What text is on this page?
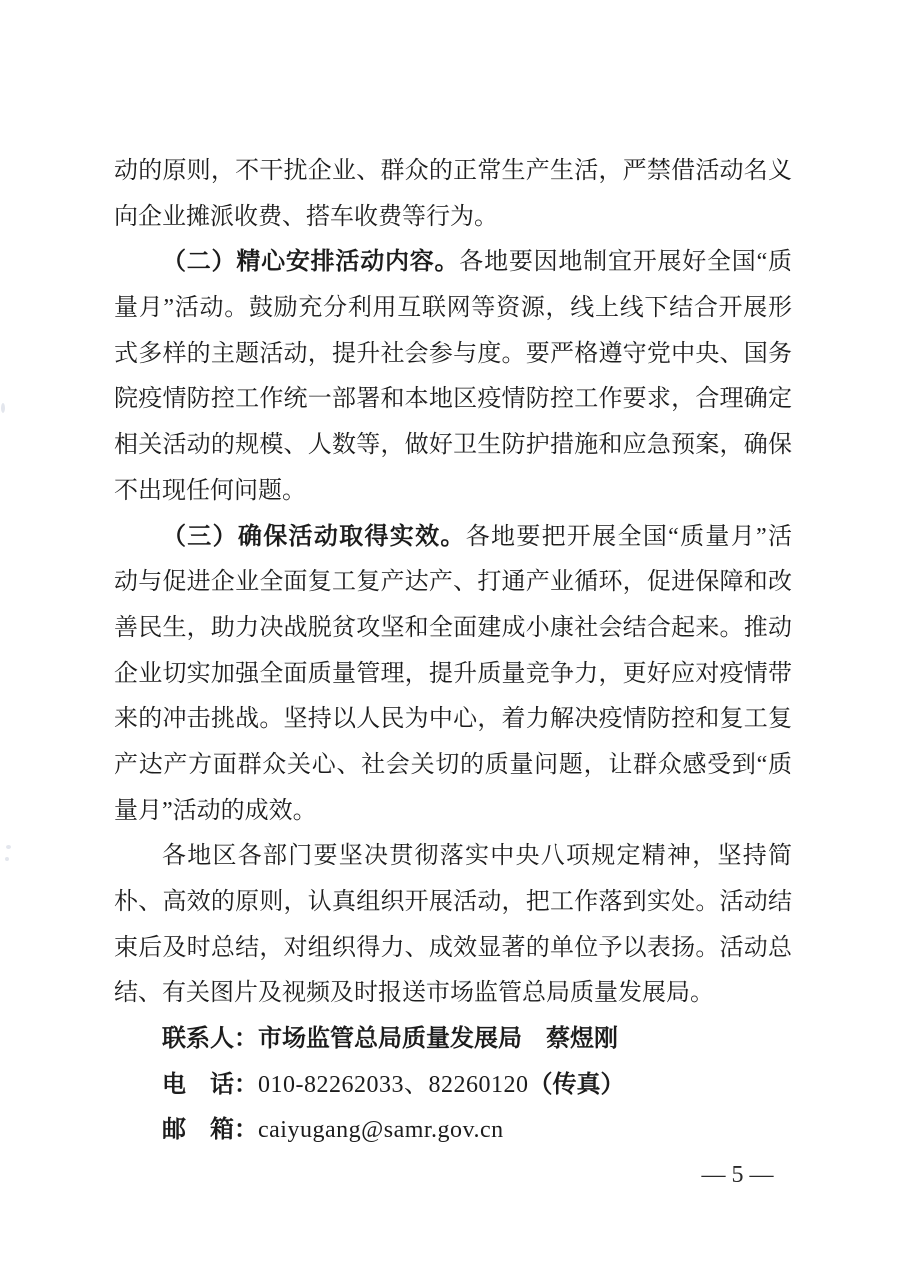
动的原则，不干扰企业、群众的正常生产生活，严禁借活动名义
向企业摊派收费、搭车收费等行为。
（二）精心安排活动内容。各地要因地制宜开展好全国“质
量月”活动。鼓励充分利用互联网等资源，线上线下结合开展形
式多样的主题活动，提升社会参与度。要严格遵守党中央、国务
院疫情防控工作统一部署和本地区疫情防控工作要求，合理确定
相关活动的规模、人数等，做好卫生防护措施和应急预案，确保
不出现任何问题。
（三）确保活动取得实效。各地要把开展全国“质量月”活
动与促进企业全面复工复产达产、打通产业循环，促进保障和改
善民生，助力决战脱贫攻坚和全面建成小康社会结合起来。推动
企业切实加强全面质量管理，提升质量竞争力，更好应对疫情带
来的冲击挑战。坚持以人民为中心，着力解决疫情防控和复工复
产达产方面群众关心、社会关切的质量问题，让群众感受到“质
量月”活动的成效。
各地区各部门要坚决贯彻落实中央八项规定精神，坚持简
朴、高效的原则，认真组织开展活动，把工作落到实处。活动结
束后及时总结，对组织得力、成效显著的单位予以表扬。活动总
结、有关图片及视频及时报送市场监管总局质量发展局。
联系人：市场监管总局质量发展局　蔡煜刚
电　话：010-82262033、82260120（传真）
邮　箱：caiyugang@samr.gov.cn
— 5 —
